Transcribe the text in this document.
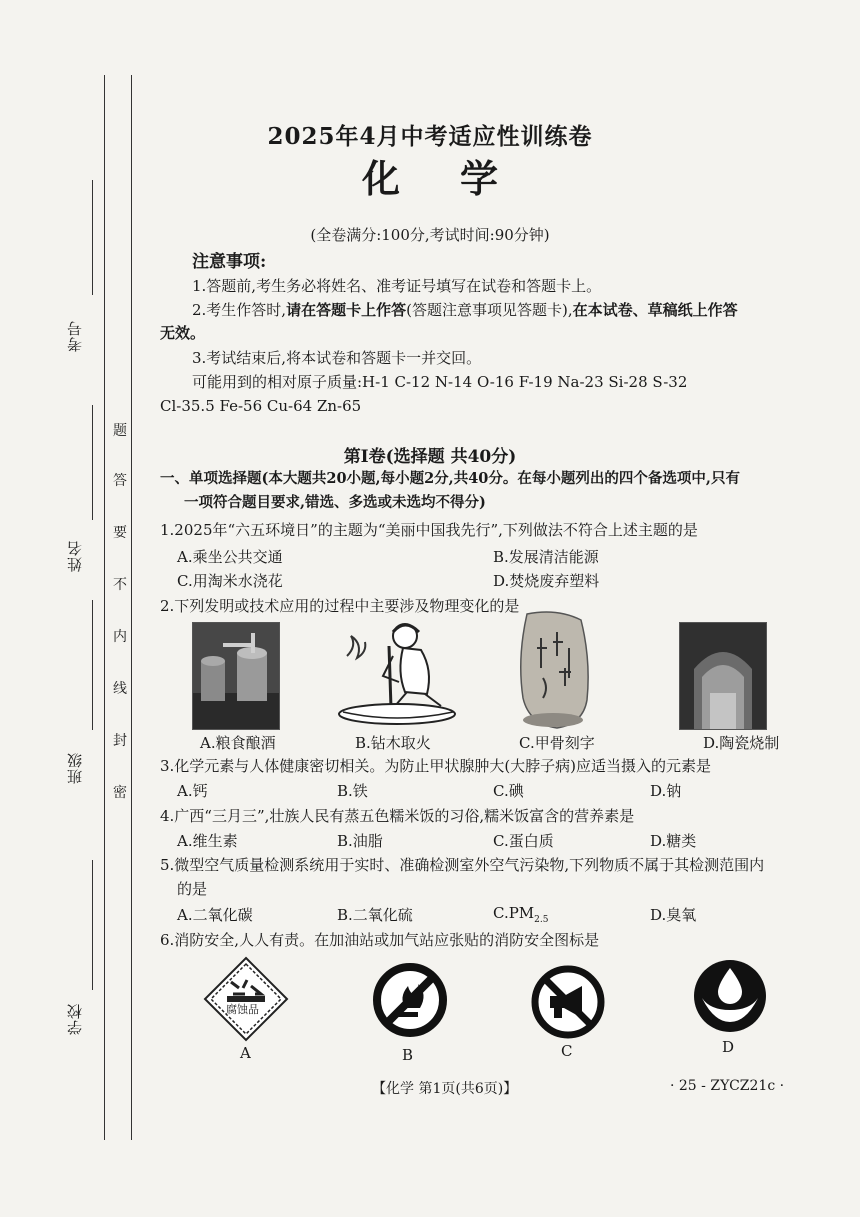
考号
姓名
班级
学校
题
答
要
不
内
线
封
密
2025年4月中考适应性训练卷
化学
(全卷满分:100分,考试时间:90分钟)
注意事项:
1.答题前,考生务必将姓名、准考证号填写在试卷和答题卡上。
2.考生作答时,请在答题卡上作答(答题注意事项见答题卡),在本试卷、草稿纸上作答
无效。
3.考试结束后,将本试卷和答题卡一并交回。
可能用到的相对原子质量:H-1 C-12 N-14 O-16 F-19 Na-23 Si-28 S-32
Cl-35.5 Fe-56 Cu-64 Zn-65
第Ⅰ卷(选择题 共40分)
一、单项选择题(本大题共20小题,每小题2分,共40分。在每小题列出的四个备选项中,只有
一项符合题目要求,错选、多选或未选均不得分)
1.2025年“六五环境日”的主题为“美丽中国我先行”,下列做法不符合上述主题的是
A.乘坐公共交通	B.发展清洁能源
C.用淘米水浇花	D.焚烧废弃塑料
2.下列发明或技术应用的过程中主要涉及物理变化的是
A.粮食酿酒	B.钻木取火	C.甲骨刻字	D.陶瓷烧制
3.化学元素与人体健康密切相关。为防止甲状腺肿大(大脖子病)应适当摄入的元素是
A.钙	B.铁	C.碘	D.钠
4.广西“三月三”,壮族人民有蒸五色糯米饭的习俗,糯米饭富含的营养素是
A.维生素	B.油脂	C.蛋白质	D.糖类
5.微型空气质量检测系统用于实时、准确检测室外空气污染物,下列物质不属于其检测范围内
的是
A.二氧化碳	B.二氧化硫	$C.PM_{2.5}$	D.臭氧
6.消防安全,人人有责。在加油站或加气站应张贴的消防安全图标是
腐蚀品
A	B	C	D
【化学 第1页(共6页)】	· 25 - ZYCZ21c ·
